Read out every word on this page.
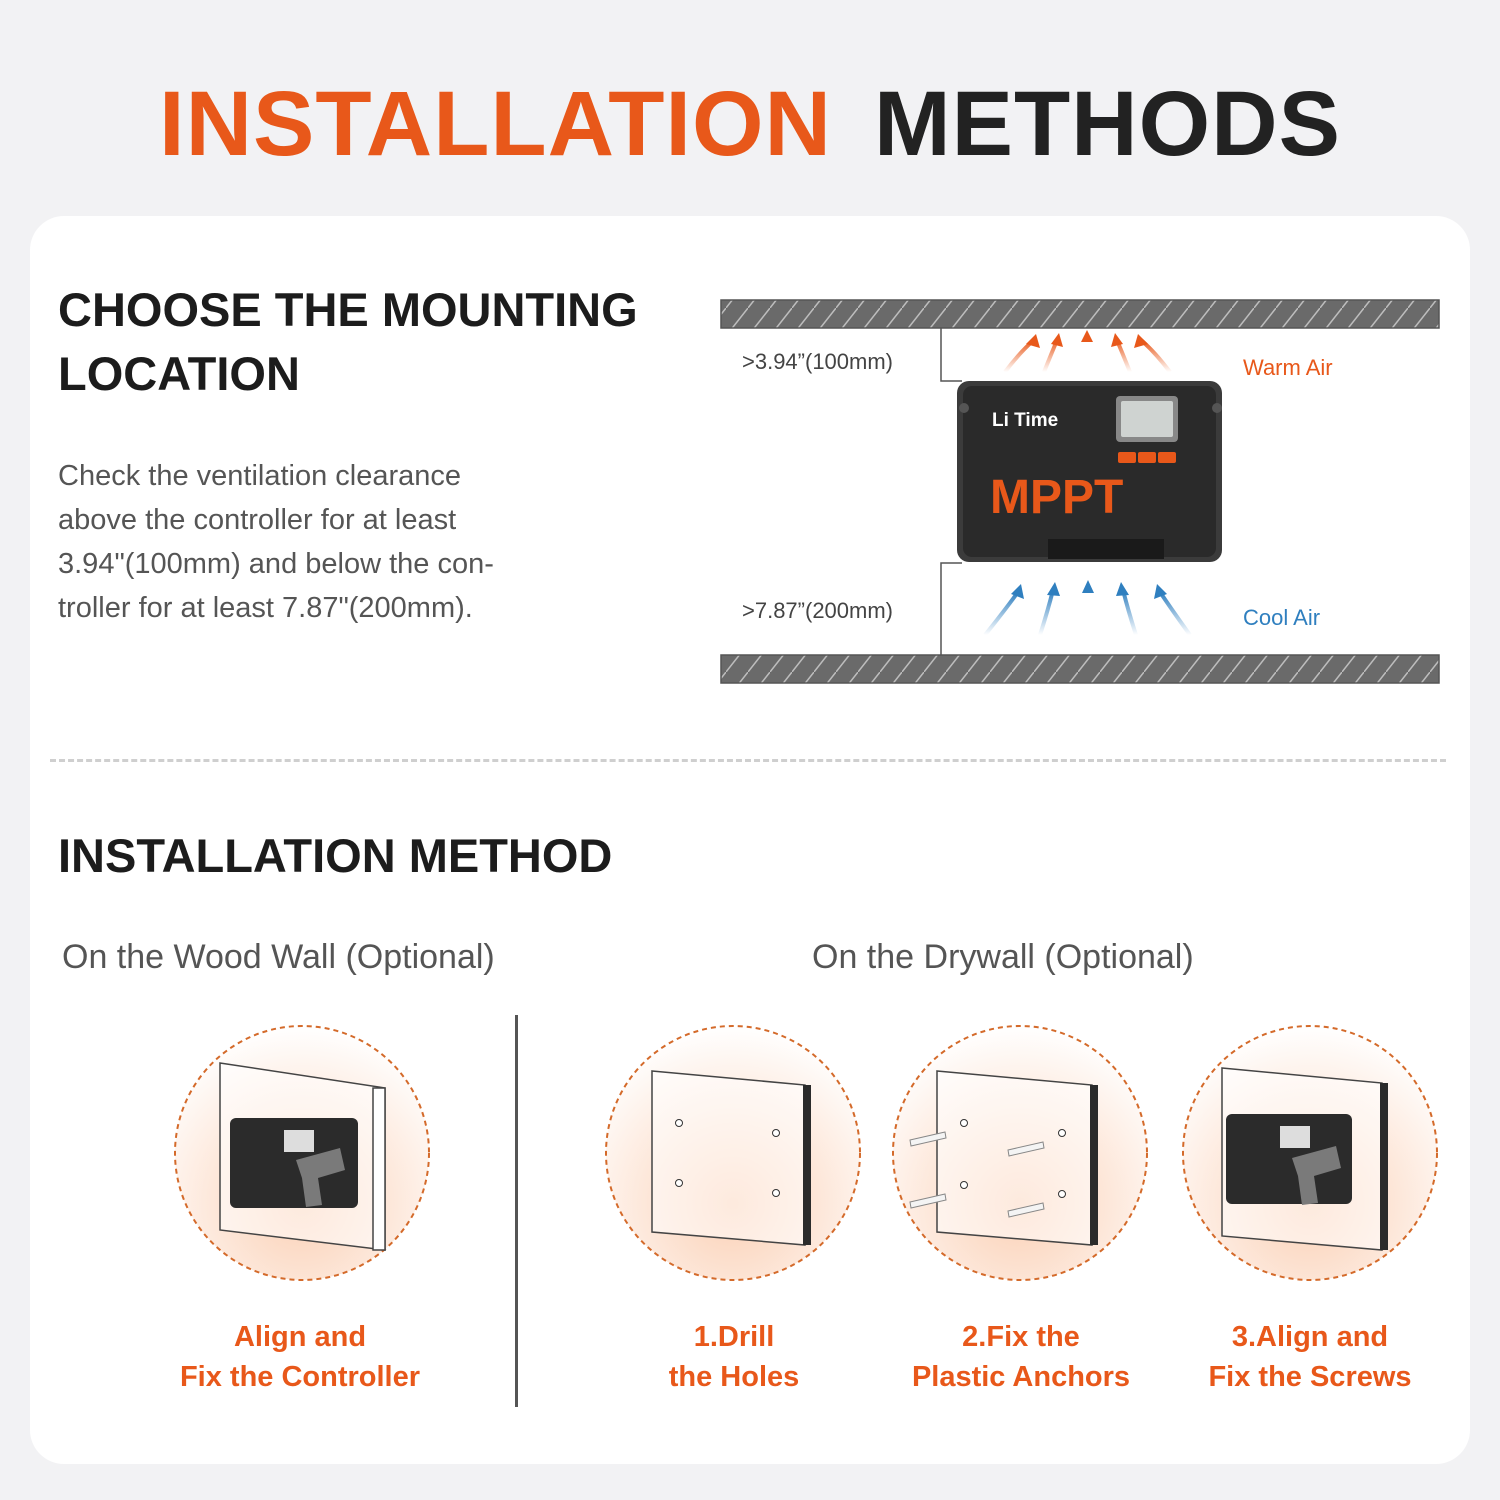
INSTALLATION METHODS
CHOOSE THE MOUNTING
LOCATION
Check the ventilation clearance
above the controller for at least
3.94"(100mm) and below the con-
troller for at least 7.87"(200mm).
>3.94”(100mm)
>7.87”(200mm)
Warm Air
Cool Air
Li Time
MPPT
INSTALLATION METHOD
On the Wood Wall (Optional)	On the Drywall (Optional)
Align and
Fix the Controller
1.Drill
the Holes
2.Fix the
Plastic Anchors
3.Align and
Fix the Screws
